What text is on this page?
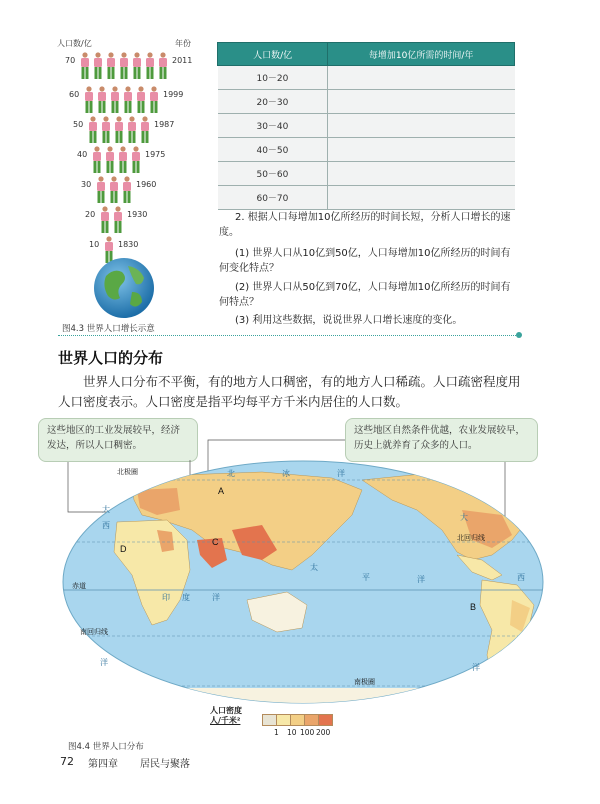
人口数/亿	年份
70	2011
60	1999
50	1987
40	1975
30	1960
20	1930
10 1830
图4.3 世界人口增长示意
人口数/亿	每增加10亿所需的时间/年
10－20	
20－30	
30－40	
40－50	
50－60	
60－70	
2. 根据人口每增加10亿所经历的时间长短，分析人口增长的速度。
(1) 世界人口从10亿到50亿，人口每增加10亿所经历的时间有何变化特点？
(2) 世界人口从50亿到70亿，人口每增加10亿所经历的时间有何特点？
(3) 利用这些数据，说说世界人口增长速度的变化。
世界人口的分布
世界人口分布不平衡，有的地方人口稠密，有的地方人口稀疏。人口疏密程度用人口密度表示。人口密度是指平均每平方千米内居住的人口数。
这些地区的工业发展较早，经济发达，所以人口稠密。
这些地区自然条件优越，农业发展较早，历史上就养育了众多的人口。
A
C
D
B
北极圈
北回归线
赤道
南回归线
南极圈
北	冰	洋
太
平	洋
大
西
洋
印 度	洋
大
西
洋
人口密度
人/千米²
1 10 100 200
图4.4 世界人口分布
72 第四章 居民与聚落
